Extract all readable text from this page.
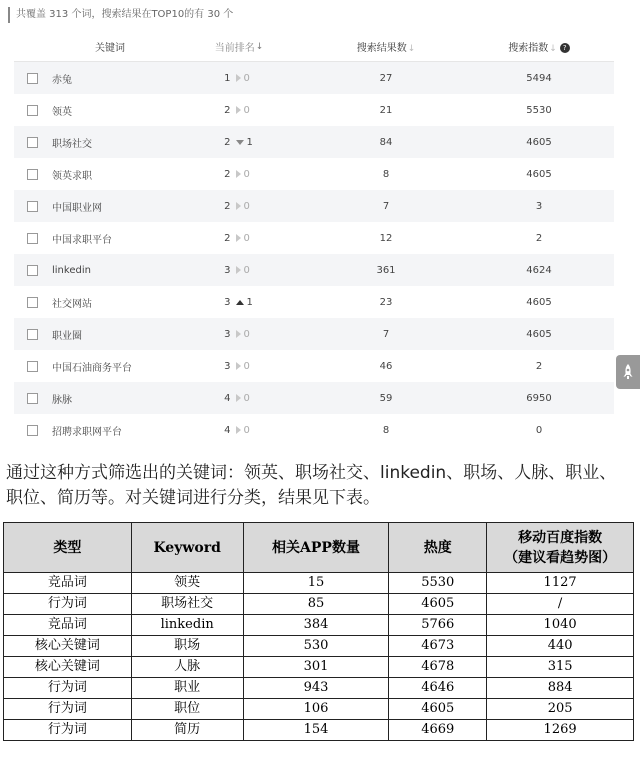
共覆盖 313 个词，搜索结果在TOP10的有 30 个
关键词	当前排名 ↓	搜索结果数↓	搜索指数↓ ?
赤兔	1 0	27	5494
领英	2 0	21	5530
职场社交	2 1	84	4605
领英求职	2 0	8	4605
中国职业网	2 0	7	3
中国求职平台	2 0	12	2
linkedin	3 0	361	4624
社交网站	3 1	23	4605
职业圈	3 0	7	4605
中国石油商务平台	3 0	46	2
脉脉	4 0	59	6950
招聘求职网平台	4 0	8	0
通过这种方式筛选出的关键词：领英、职场社交、linkedin、职场、人脉、职业、职位、简历等。对关键词进行分类，结果见下表。
类型	Keyword	相关APP数量	热度	移动百度指数
（建议看趋势图）

竞品词	领英	15	5530	1127
行为词	职场社交	85	4605	/
竞品词	linkedin	384	5766	1040
核心关键词	职场	530	4673	440
核心关键词	人脉	301	4678	315
行为词	职业	943	4646	884
行为词	职位	106	4605	205
行为词	简历	154	4669	1269
